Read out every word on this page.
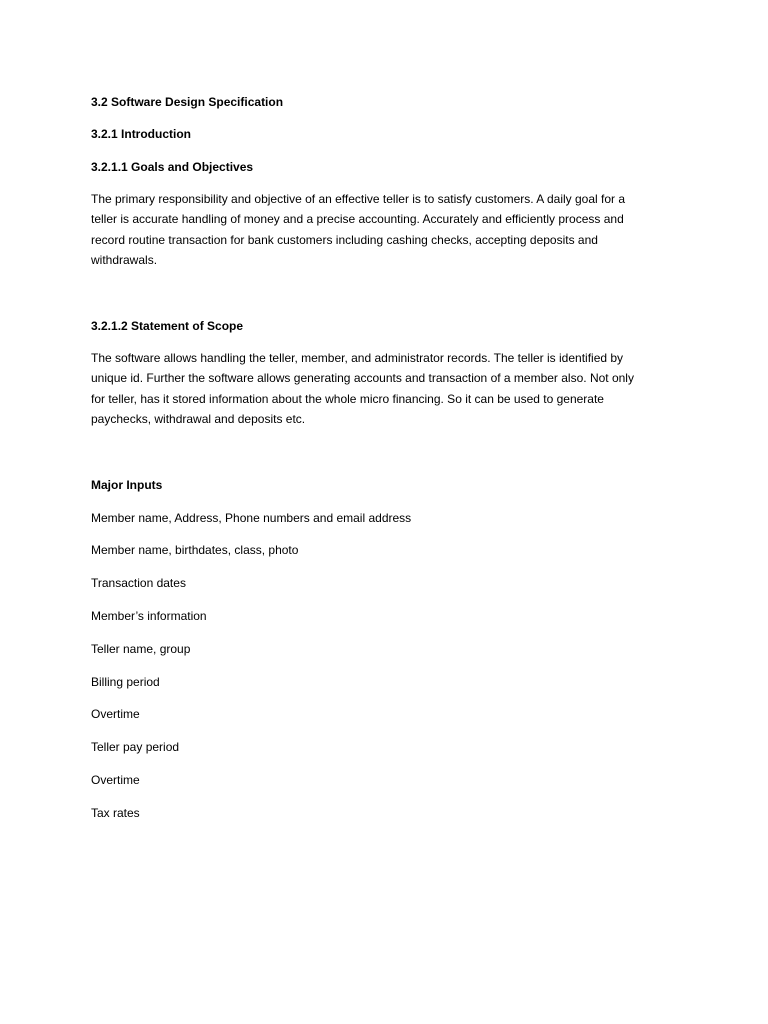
3.2 Software Design Specification
3.2.1 Introduction
3.2.1.1 Goals and Objectives
The primary responsibility and objective of an effective teller is to satisfy customers. A daily goal for a
teller is accurate handling of money and a precise accounting. Accurately and efficiently process and
record routine transaction for bank customers including cashing checks, accepting deposits and
withdrawals.
3.2.1.2 Statement of Scope
The software allows handling the teller, member, and administrator records. The teller is identified by
unique id. Further the software allows generating accounts and transaction of a member also. Not only
for teller, has it stored information about the whole micro financing. So it can be used to generate
paychecks, withdrawal and deposits etc.
Major Inputs
Member name, Address, Phone numbers and email address
Member name, birthdates, class, photo
Transaction dates
Member’s information
Teller name, group
Billing period
Overtime
Teller pay period
Overtime
Tax rates
